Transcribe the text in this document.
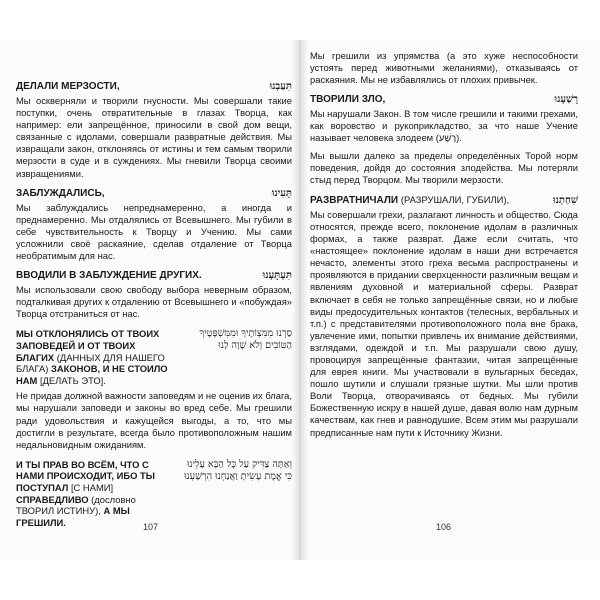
ДЕЛАЛИ МЕРЗОСТИ,	תִּעַבְנוּ

Мы оскверняли и творили гнусности. Мы совершали такие поступки, очень отвратительные в глазах Творца, как например: ели запрещённое, приносили в свой дом вещи, связанные с идолами, совершали развратные действия. Мы извращали закон, отклоняясь от истины и тем самым творили мерзости в суде и в суждениях. Мы гневили Творца своими извращениями.

ЗАБЛУЖДАЛИСЬ,	תָּעִינוּ

Мы заблуждались непреднамеренно, а иногда и преднамеренно. Мы отдалялись от Всевышнего. Мы губили в себе чувствительность к Творцу и Учению. Мы сами усложнили своё раскаяние, сделав отдаление от Творца необратимым для нас.

ВВОДИЛИ В ЗАБЛУЖДЕНИЕ ДРУГИХ.	תִּעְתָּעְנוּ

Мы использовали свою свободу выбора неверным образом, подталкивая других к отдалению от Всевышнего и «побуждая» Творца отстраниться от нас.

МЫ ОТКЛОНЯЛИСЬ ОТ ТВОИХ ЗАПОВЕДЕЙ И ОТ ТВОИХ БЛАГИХ (ДАННЫХ ДЛЯ НАШЕГО БЛАГА) ЗАКОНОВ, И НЕ СТОИЛО НАМ [ДЕЛАТЬ ЭТО].
סַרְנוּ מִמִּצְוֹתֶיךָ וּמִמִּשְׁפָּטֶיךָ הַטּוֹבִים וְלֹא שָׁוָה לָנוּ

Не придав должной важности заповедям и не оценив их блага, мы нарушали заповеди и законы во вред себе. Мы грешили ради удовольствия и кажущейся выгоды, а то, что мы достигли в результате, всегда было противоположным нашим недальновидным ожиданиям.

И ТЫ ПРАВ ВО ВСЁМ, ЧТО С НАМИ ПРОИСХОДИТ, ИБО ТЫ ПОСТУПАЛ [С НАМИ] СПРАВЕДЛИВО (дословно ТВОРИЛ ИСТИНУ), А МЫ ГРЕШИЛИ.
וְאַתָּה צַדִּיק עַל כָּל הַבָּא עָלֵינוּ כִּי אֱמֶת עָשִׂיתָ וַאֲנַחְנוּ הִרְשָׁעְנוּ
107

Мы грешили из упрямства (а это хуже неспособности устоять перед животными желаниями), отказываясь от раскаяния. Мы не избавлялись от плохих привычек.

ТВОРИЛИ ЗЛО,	רָשַׁעְנוּ

Мы нарушали Закон. В том числе грешили и такими грехами, как воровство и рукоприкладство, за что наше Учение называет человека злодеем (רָשָׁע).

Мы вышли далеко за пределы определённых Торой норм поведения, дойдя до состояния злодейства. Мы потеряли стыд перед Творцом. Мы творили мерзости.

РАЗВРАТНИЧАЛИ (РАЗРУШАЛИ, ГУБИЛИ),	שִׁחַתְנוּ

Мы совершали грехи, разлагают личность и общество. Сюда относятся, прежде всего, поклонение идолам в различных формах, а также разврат. Даже если считать, что «настоящее» поклонение идолам в наши дни встречается нечасто, элементы этого греха весьма распространены и проявляются в придании сверхценности различным вещам и явлениям духовной и материальной сферы. Разврат включает в себя не только запрещённые связи, но и любые виды предосудительных контактов (телесных, вербальных и т.п.) с представителями противоположного пола вне брака, увлечение ими, попытки привлечь их внимание действиями, взглядами, одеждой и т.п. Мы разрушали свою душу, провоцируя запрещённые фантазии, читая запрещённые для еврея книги. Мы участвовали в вульгарных беседах, пошло шутили и слушали грязные шутки. Мы шли против Воли Творца, отворачиваясь от бедных. Мы губили Божественную искру в нашей душе, давая волю нам дурным качествам, как гнев и равнодушие. Всем этим мы разрушали предписанные нам пути к Источнику Жизни.

106
